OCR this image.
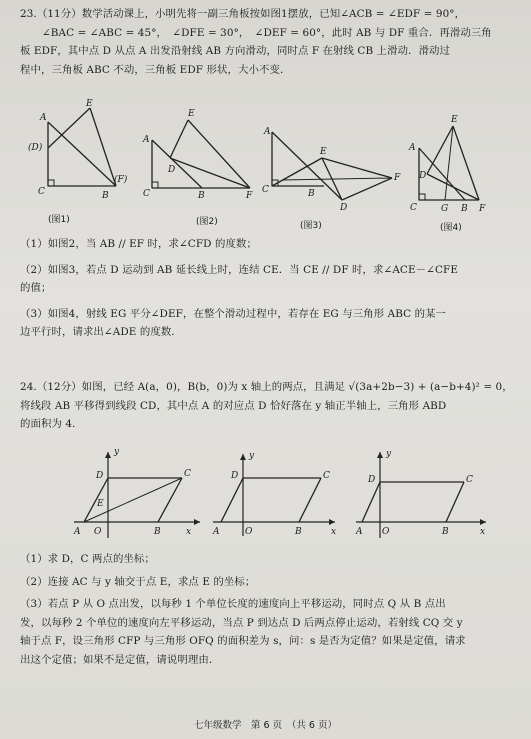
23.（11分）数学活动课上，小明先将一副三角板按如图1摆放，已知∠ACB = ∠EDF = 90°，

∠BAC = ∠ABC = 45°，　∠DFE = 30°，　∠DEF = 60°，此时 AB 与 DF 重合．再滑动三角

板 EDF，其中点 D 从点 A 出发沿射线 AB 方向滑动，同时点 F 在射线 CB 上滑动．滑动过

程中，三角板 ABC 不动，三角板 EDF 形状，大小不变．

E
A
(D)
C	B
(F)
(图1)
A
E
D
C	B	F
(图2)
A
E
C	B
D
F
(图3)
E
A
D
C	G B F
(图4)

（1）如图2，当 AB // EF 时，求∠CFD 的度数；

（2）如图3，若点 D 运动到 AB 延长线上时，连结 CE．当 CE // DF 时，求∠ACE－∠CFE

的值；

（3）如图4，射线 EG 平分∠DEF，在整个滑动过程中，若存在 EG 与三角形 ABC 的某一

边平行时，请求出∠ADE 的度数．

24.（12分）如图，已经 A(a，0)，B(b，0)为 x 轴上的两点，且满足 √(3a+2b−3) + (a−b+4)² = 0，

将线段 AB 平移得到线段 CD，其中点 A 的对应点 D 恰好落在 y 轴正半轴上，三角形 ABD

的面积为 4．

y
C
D
E
A O	B	x
y
C
D
A	O	B	x
y
C
D
A O	B	x

（1）求 D，C 两点的坐标；

（2）连接 AC 与 y 轴交于点 E，求点 E 的坐标；

（3）若点 P 从 O 点出发，以每秒 1 个单位长度的速度向上平移运动，同时点 Q 从 B 点出

发，以每秒 2 个单位的速度向左平移运动，当点 P 到达点 D 后两点停止运动，若射线 CQ 交 y

轴于点 F，设三角形 CFP 与三角形 OFQ 的面积差为 s，问：s 是否为定值？如果是定值，请求

出这个定值；如果不是定值，请说明理由．

七年级数学　第 6 页　（共 6 页）
